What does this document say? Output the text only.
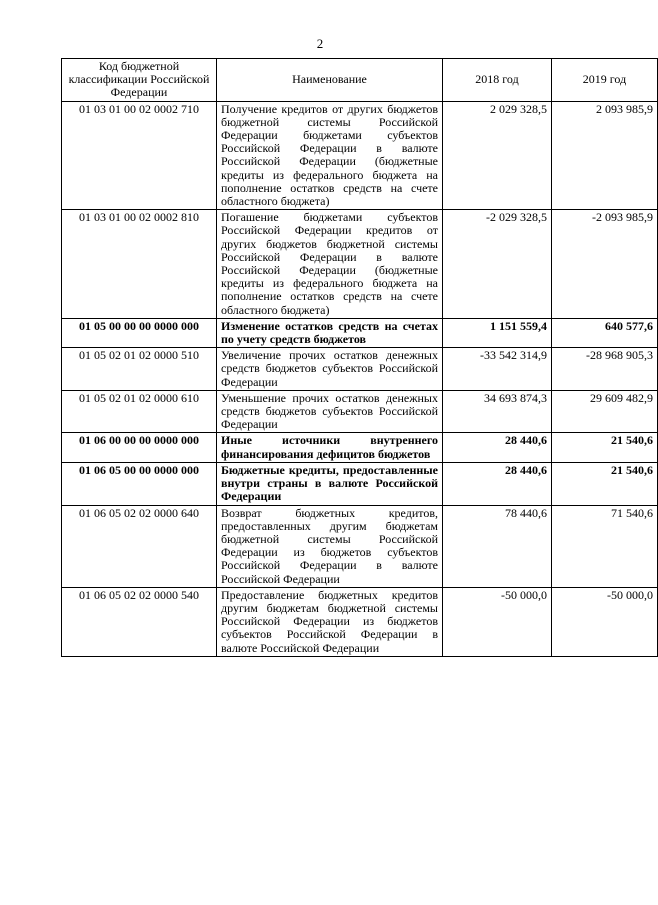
2
Код бюджетной классификации Российской Федерации	Наименование	2018 год	2019 год
01 03 01 00 02 0002 710	Получение кредитов от других бюджетов бюджетной системы Российской Федерации бюджетами субъектов Российской Федерации в валюте Российской Федерации (бюджетные кредиты из федерального бюджета на пополнение остатков средств на счете областного бюджета)	2 029 328,5	2 093 985,9
01 03 01 00 02 0002 810	Погашение бюджетами субъектов Российской Федерации кредитов от других бюджетов бюджетной системы Российской Федерации в валюте Российской Федерации (бюджетные кредиты из федерального бюджета на пополнение остатков средств на счете областного бюджета)	-2 029 328,5	-2 093 985,9
01 05 00 00 00 0000 000	Изменение остатков средств на счетах по учету средств бюджетов	1 151 559,4	640 577,6
01 05 02 01 02 0000 510	Увеличение прочих остатков денежных средств бюджетов субъектов Российской Федерации	-33 542 314,9	-28 968 905,3
01 05 02 01 02 0000 610	Уменьшение прочих остатков денежных средств бюджетов субъектов Российской Федерации	34 693 874,3	29 609 482,9
01 06 00 00 00 0000 000	Иные источники внутреннего финансирования дефицитов бюджетов	28 440,6	21 540,6
01 06 05 00 00 0000 000	Бюджетные кредиты, предоставленные внутри страны в валюте Российской Федерации	28 440,6	21 540,6
01 06 05 02 02 0000 640	Возврат бюджетных кредитов, предоставленных другим бюджетам бюджетной системы Российской Федерации из бюджетов субъектов Российской Федерации в валюте Российской Федерации	78 440,6	71 540,6
01 06 05 02 02 0000 540	Предоставление бюджетных кредитов другим бюджетам бюджетной системы Российской Федерации из бюджетов субъектов Российской Федерации в валюте Российской Федерации	-50 000,0	-50 000,0
